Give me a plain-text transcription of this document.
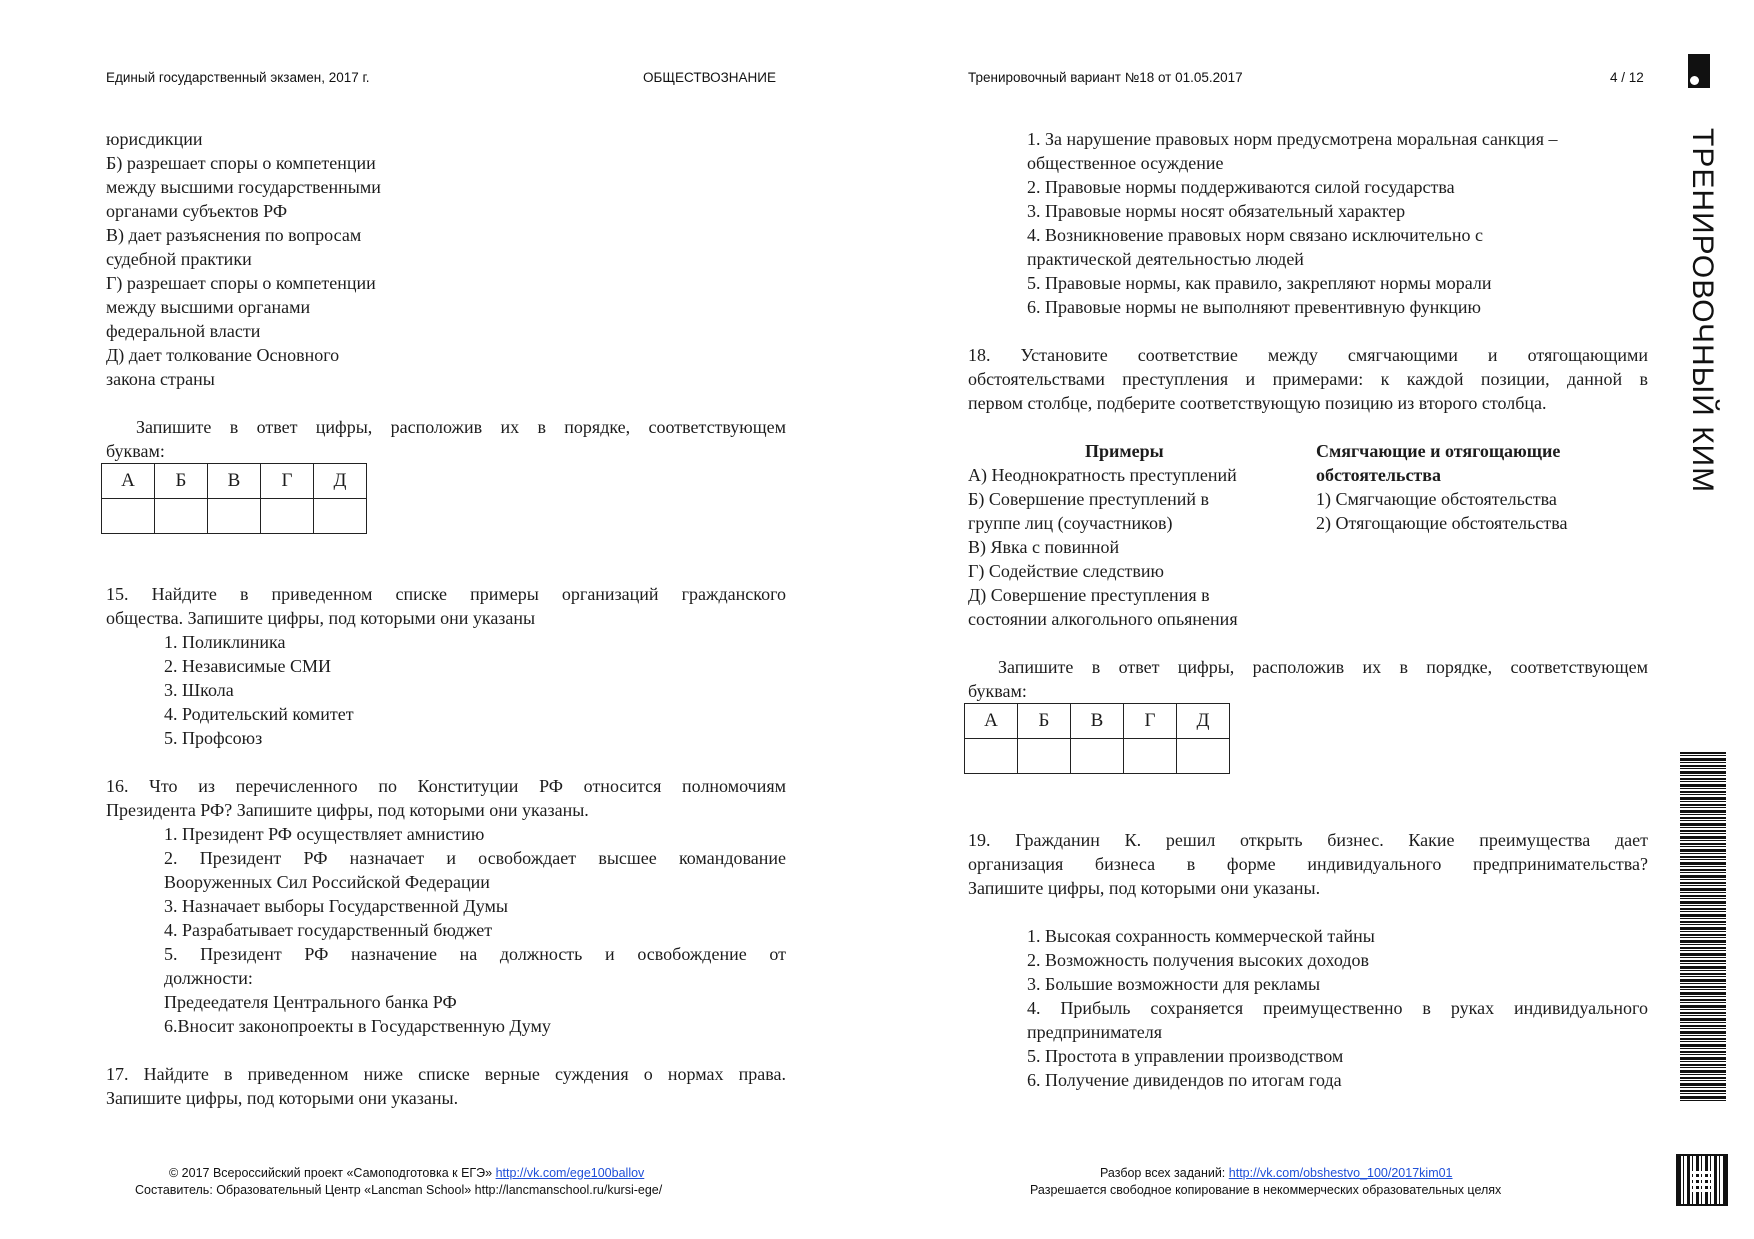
Единый государственный экзамен, 2017 г.	ОБЩЕСТВОЗНАНИЕ	Тренировочный вариант №18 от 01.05.2017	4 / 12
ТРЕНИРОВОЧНЫЙ КИМ
юрисдикции
Б) разрешает споры о компетенции
между высшими государственными
органами субъектов РФ
В) дает разъяснения по вопросам
судебной практики
Г) разрешает споры о компетенции
между высшими органами
федеральной власти
Д) дает толкование Основного
закона страны
Запишите в ответ цифры, расположив их в порядке, соответствующем
буквам:
А	Б	В	Г	Д

15. Найдите в приведенном списке примеры организаций гражданского
общества. Запишите цифры, под которыми они указаны
1. Поликлиника
2. Независимые СМИ
3. Школа
4. Родительский комитет
5. Профсоюз
16. Что из перечисленного по Конституции РФ относится полномочиям
Президента РФ? Запишите цифры, под которыми они указаны.
1. Президент РФ осуществляет амнистию
2. Президент РФ назначает и освобождает высшее командование
Вооруженных Сил Российской Федерации
3. Назначает выборы Государственной Думы
4. Разрабатывает государственный бюджет
5. Президент РФ назначение на должность и освобождение от
должности:
Предеедателя Центрального банка РФ
6.Вносит законопроекты в Государственную Думу
17. Найдите в приведенном ниже списке верные суждения о нормах права.
Запишите цифры, под которыми они указаны.
1. За нарушение правовых норм предусмотрена моральная санкция –
общественное осуждение
2. Правовые нормы поддерживаются силой государства
3. Правовые нормы носят обязательный характер
4. Возникновение правовых норм связано исключительно с
практической деятельностью людей
5. Правовые нормы, как правило, закрепляют нормы морали
6. Правовые нормы не выполняют превентивную функцию
18. Установите соответствие между смягчающими и отягощающими
обстоятельствами преступления и примерами: к каждой позиции, данной в
первом столбце, подберите соответствующую позицию из второго столбца.
Примеры
А) Неоднократность преступлений
Б) Совершение преступлений в
группе лиц (соучастников)
В) Явка с повинной
Г) Содействие следствию
Д) Совершение преступления в
состоянии алкогольного опьянения
Смягчающие и отягощающие
обстоятельства
1) Смягчающие обстоятельства
2) Отягощающие обстоятельства
Запишите в ответ цифры, расположив их в порядке, соответствующем
буквам:
А	Б	В	Г	Д

19. Гражданин К. решил открыть бизнес. Какие преимущества дает
организация бизнеса в форме индивидуального предпринимательства?
Запишите цифры, под которыми они указаны.
1. Высокая сохранность коммерческой тайны
2. Возможность получения высоких доходов
3. Большие возможности для рекламы
4. Прибыль сохраняется преимущественно в руках индивидуального
предпринимателя
5. Простота в управлении производством
6. Получение дивидендов по итогам года
© 2017 Всероссийский проект «Самоподготовка к ЕГЭ» http://vk.com/ege100ballov
Составитель: Образовательный Центр «Lancman School» http://lancmanschool.ru/kursi-ege/
Разбор всех заданий: http://vk.com/obshestvo_100/2017kim01
Разрешается свободное копирование в некоммерческих образовательных целях
